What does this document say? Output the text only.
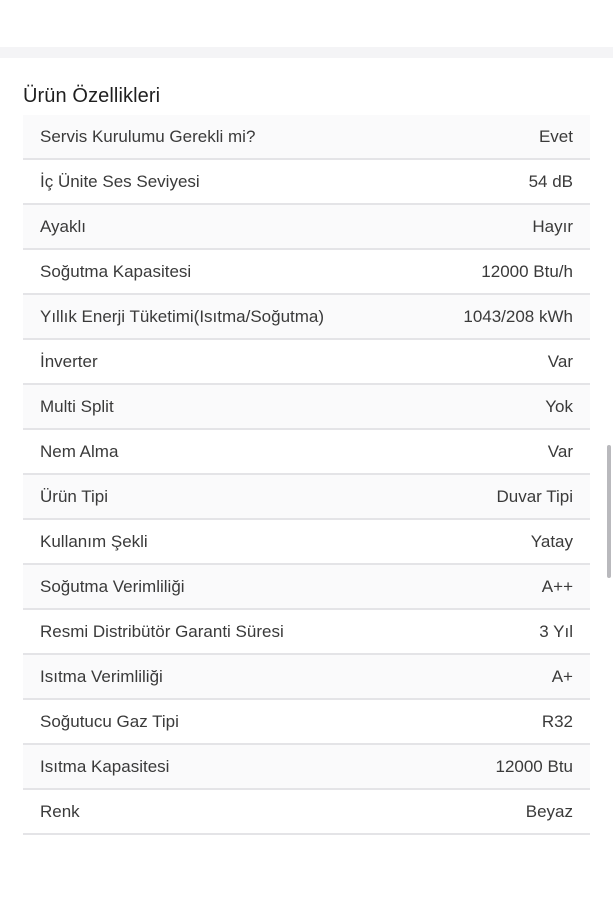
Ürün Özellikleri
Servis Kurulumu Gerekli mi?	Evet
İç Ünite Ses Seviyesi	54 dB
Ayaklı	Hayır
Soğutma Kapasitesi	12000 Btu/h
Yıllık Enerji Tüketimi(Isıtma/Soğutma)	1043/208 kWh
İnverter	Var
Multi Split	Yok
Nem Alma	Var
Ürün Tipi	Duvar Tipi
Kullanım Şekli	Yatay
Soğutma Verimliliği	A++
Resmi Distribütör Garanti Süresi	3 Yıl
Isıtma Verimliliği	A+
Soğutucu Gaz Tipi	R32
Isıtma Kapasitesi	12000 Btu
Renk	Beyaz
